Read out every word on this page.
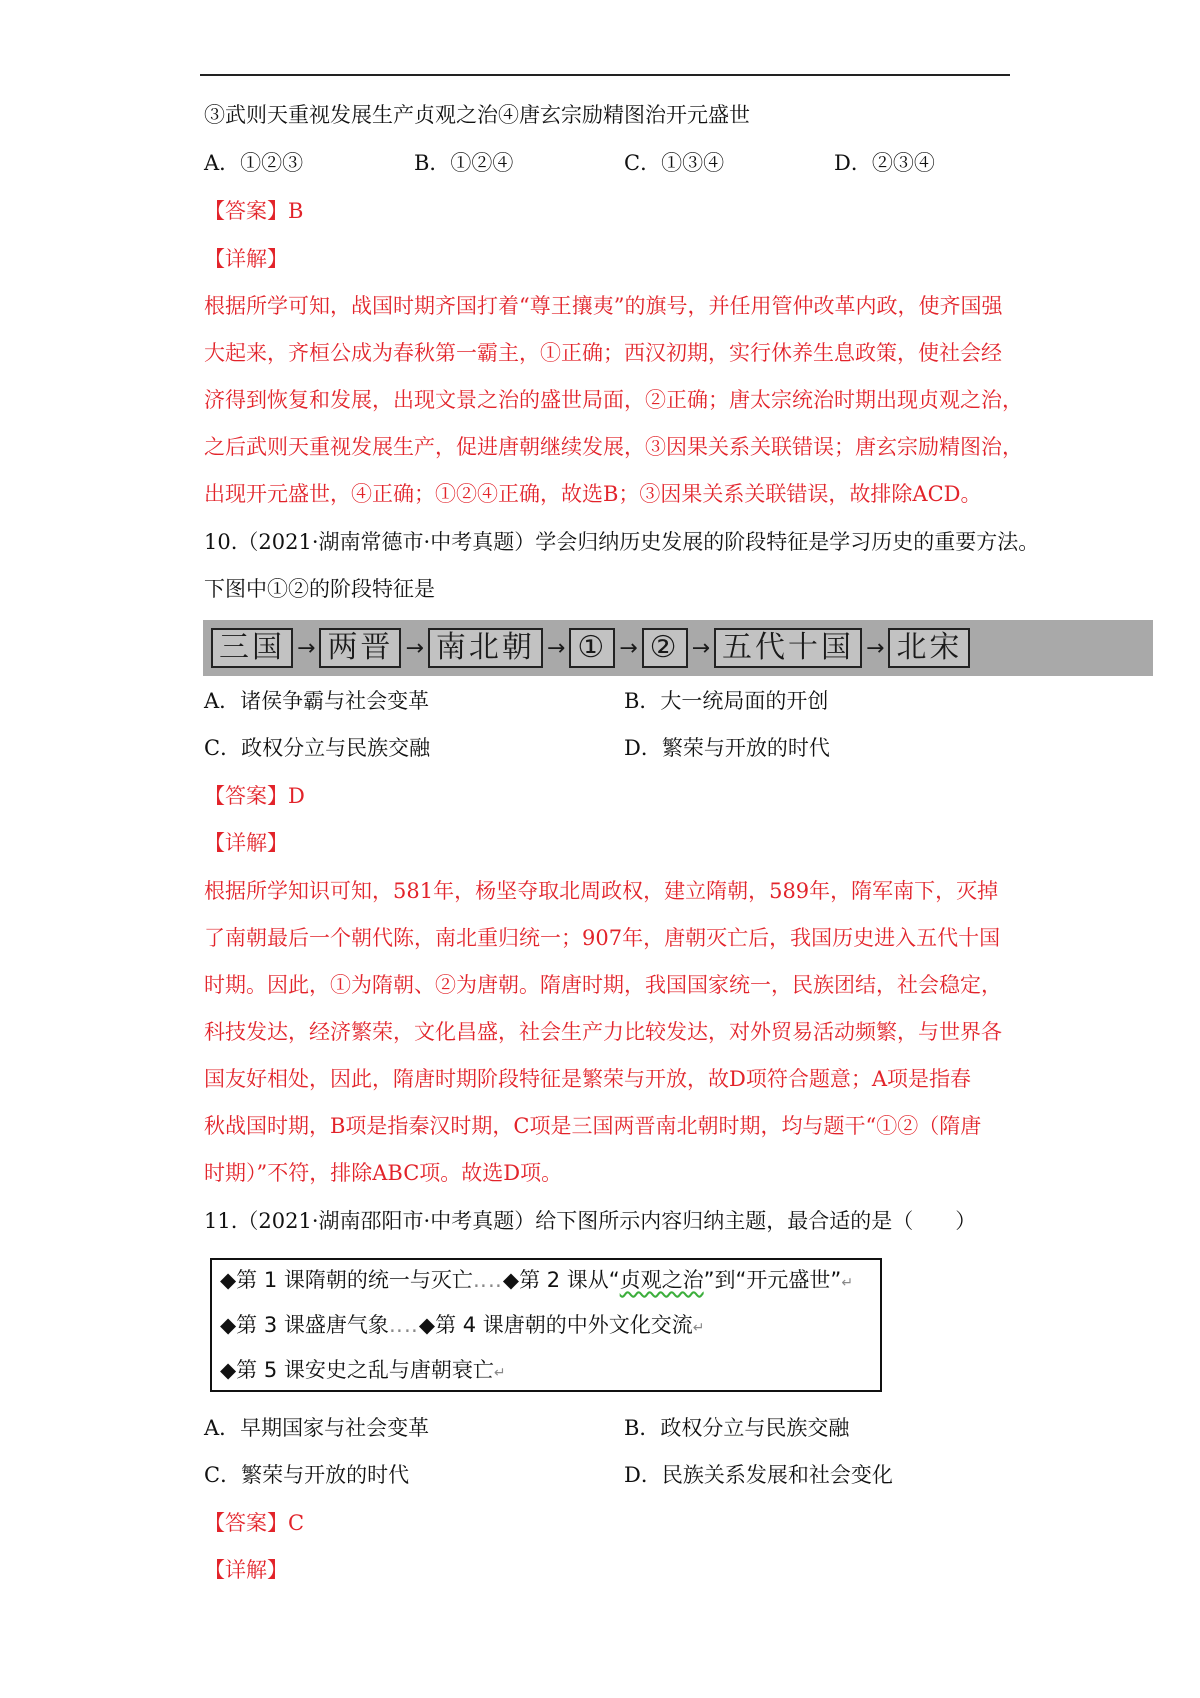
③武则天重视发展生产贞观之治④唐玄宗励精图治开元盛世
A．①②③	B．①②④	C．①③④	D．②③④
【答案】B
【详解】
根据所学可知，战国时期齐国打着“尊王攘夷”的旗号，并任用管仲改革内政，使齐国强
大起来，齐桓公成为春秋第一霸主，①正确；西汉初期，实行休养生息政策，使社会经
济得到恢复和发展，出现文景之治的盛世局面，②正确；唐太宗统治时期出现贞观之治，
之后武则天重视发展生产，促进唐朝继续发展，③因果关系关联错误；唐玄宗励精图治，
出现开元盛世，④正确；①②④正确，故选B；③因果关系关联错误，故排除ACD。
10.（2021·湖南常德市·中考真题）学会归纳历史发展的阶段特征是学习历史的重要方法。
下图中①②的阶段特征是
三国 → 两晋 → 南北朝 → ① → ② → 五代十国 → 北宋
A．诸侯争霸与社会变革	B．大一统局面的开创
C．政权分立与民族交融	D．繁荣与开放的时代
【答案】D
【详解】
根据所学知识可知，581年，杨坚夺取北周政权，建立隋朝，589年，隋军南下，灭掉
了南朝最后一个朝代陈，南北重归统一；907年，唐朝灭亡后，我国历史进入五代十国
时期。因此，①为隋朝、②为唐朝。隋唐时期，我国国家统一，民族团结，社会稳定，
科技发达，经济繁荣，文化昌盛，社会生产力比较发达，对外贸易活动频繁，与世界各
国友好相处，因此，隋唐时期阶段特征是繁荣与开放，故D项符合题意；A项是指春
秋战国时期，B项是指秦汉时期，C项是三国两晋南北朝时期，均与题干“①②（隋唐
时期）”不符，排除ABC项。故选D项。
11.（2021·湖南邵阳市·中考真题）给下图所示内容归纳主题，最合适的是（　　）
◆第 1 课隋朝的统一与灭亡‥‥◆第 2 课从“贞观之治”到“开元盛世”↵
◆第 3 课盛唐气象‥‥◆第 4 课唐朝的中外文化交流↵
◆第 5 课安史之乱与唐朝衰亡↵
A．早期国家与社会变革	B．政权分立与民族交融
C．繁荣与开放的时代	D．民族关系发展和社会变化
【答案】C
【详解】
